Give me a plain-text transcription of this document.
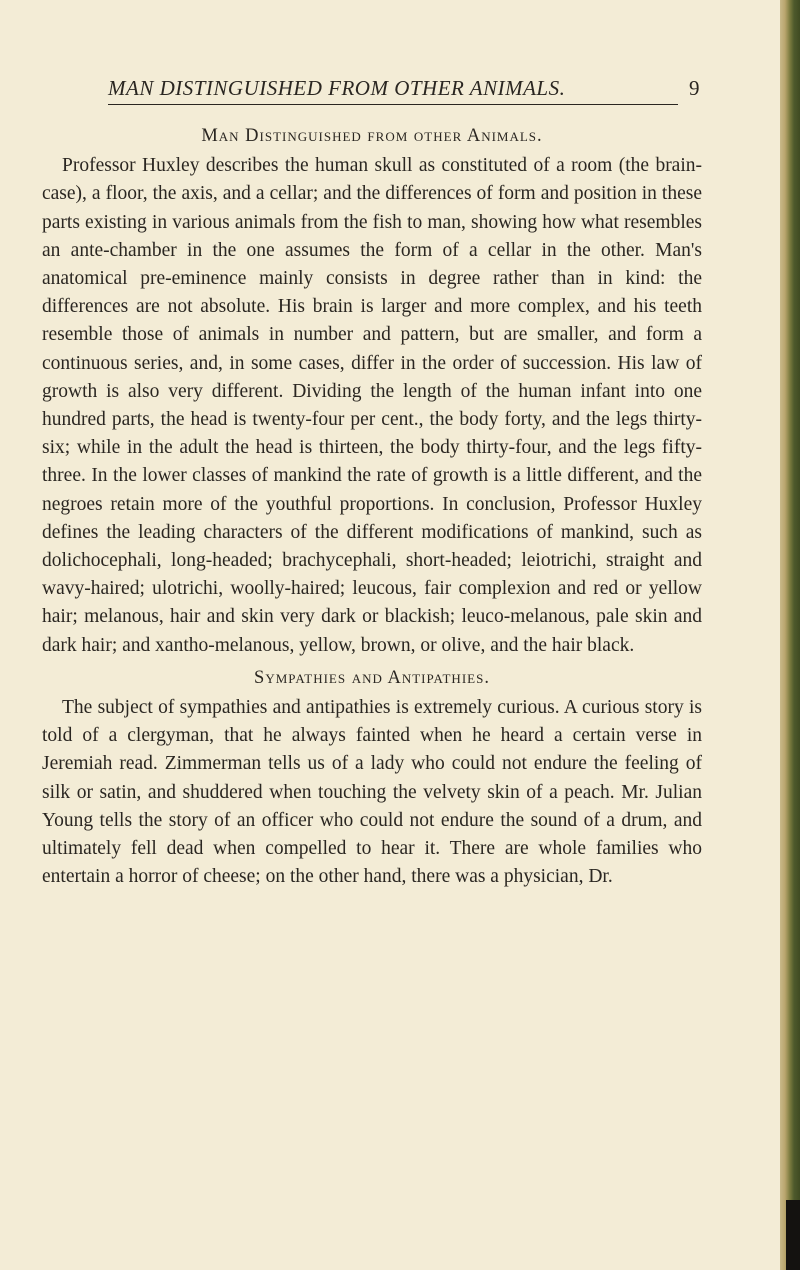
MAN DISTINGUISHED FROM OTHER ANIMALS.	9
Man Distinguished from other Animals.

Professor Huxley describes the human skull as constituted of a room (the brain-case), a floor, the axis, and a cellar; and the differences of form and position in these parts existing in various animals from the fish to man, showing how what resembles an ante-chamber in the one assumes the form of a cellar in the other. Man's anatomical pre-eminence mainly consists in degree rather than in kind: the differences are not absolute. His brain is larger and more complex, and his teeth resemble those of animals in number and pattern, but are smaller, and form a continuous series, and, in some cases, differ in the order of succession. His law of growth is also very different. Dividing the length of the human infant into one hundred parts, the head is twenty-four per cent., the body forty, and the legs thirty-six; while in the adult the head is thirteen, the body thirty-four, and the legs fifty-three. In the lower classes of mankind the rate of growth is a little different, and the negroes retain more of the youthful proportions. In conclusion, Professor Huxley defines the leading characters of the different modifications of mankind, such as dolichocephali, long-headed; brachycephali, short-headed; leiotrichi, straight and wavy-haired; ulotrichi, woolly-haired; leucous, fair complexion and red or yellow hair; melanous, hair and skin very dark or blackish; leuco-melanous, pale skin and dark hair; and xantho-melanous, yellow, brown, or olive, and the hair black.

Sympathies and Antipathies.

The subject of sympathies and antipathies is extremely curious. A curious story is told of a clergyman, that he always fainted when he heard a certain verse in Jeremiah read. Zimmerman tells us of a lady who could not endure the feeling of silk or satin, and shuddered when touching the velvety skin of a peach. Mr. Julian Young tells the story of an officer who could not endure the sound of a drum, and ultimately fell dead when compelled to hear it. There are whole families who entertain a horror of cheese; on the other hand, there was a physician, Dr.
